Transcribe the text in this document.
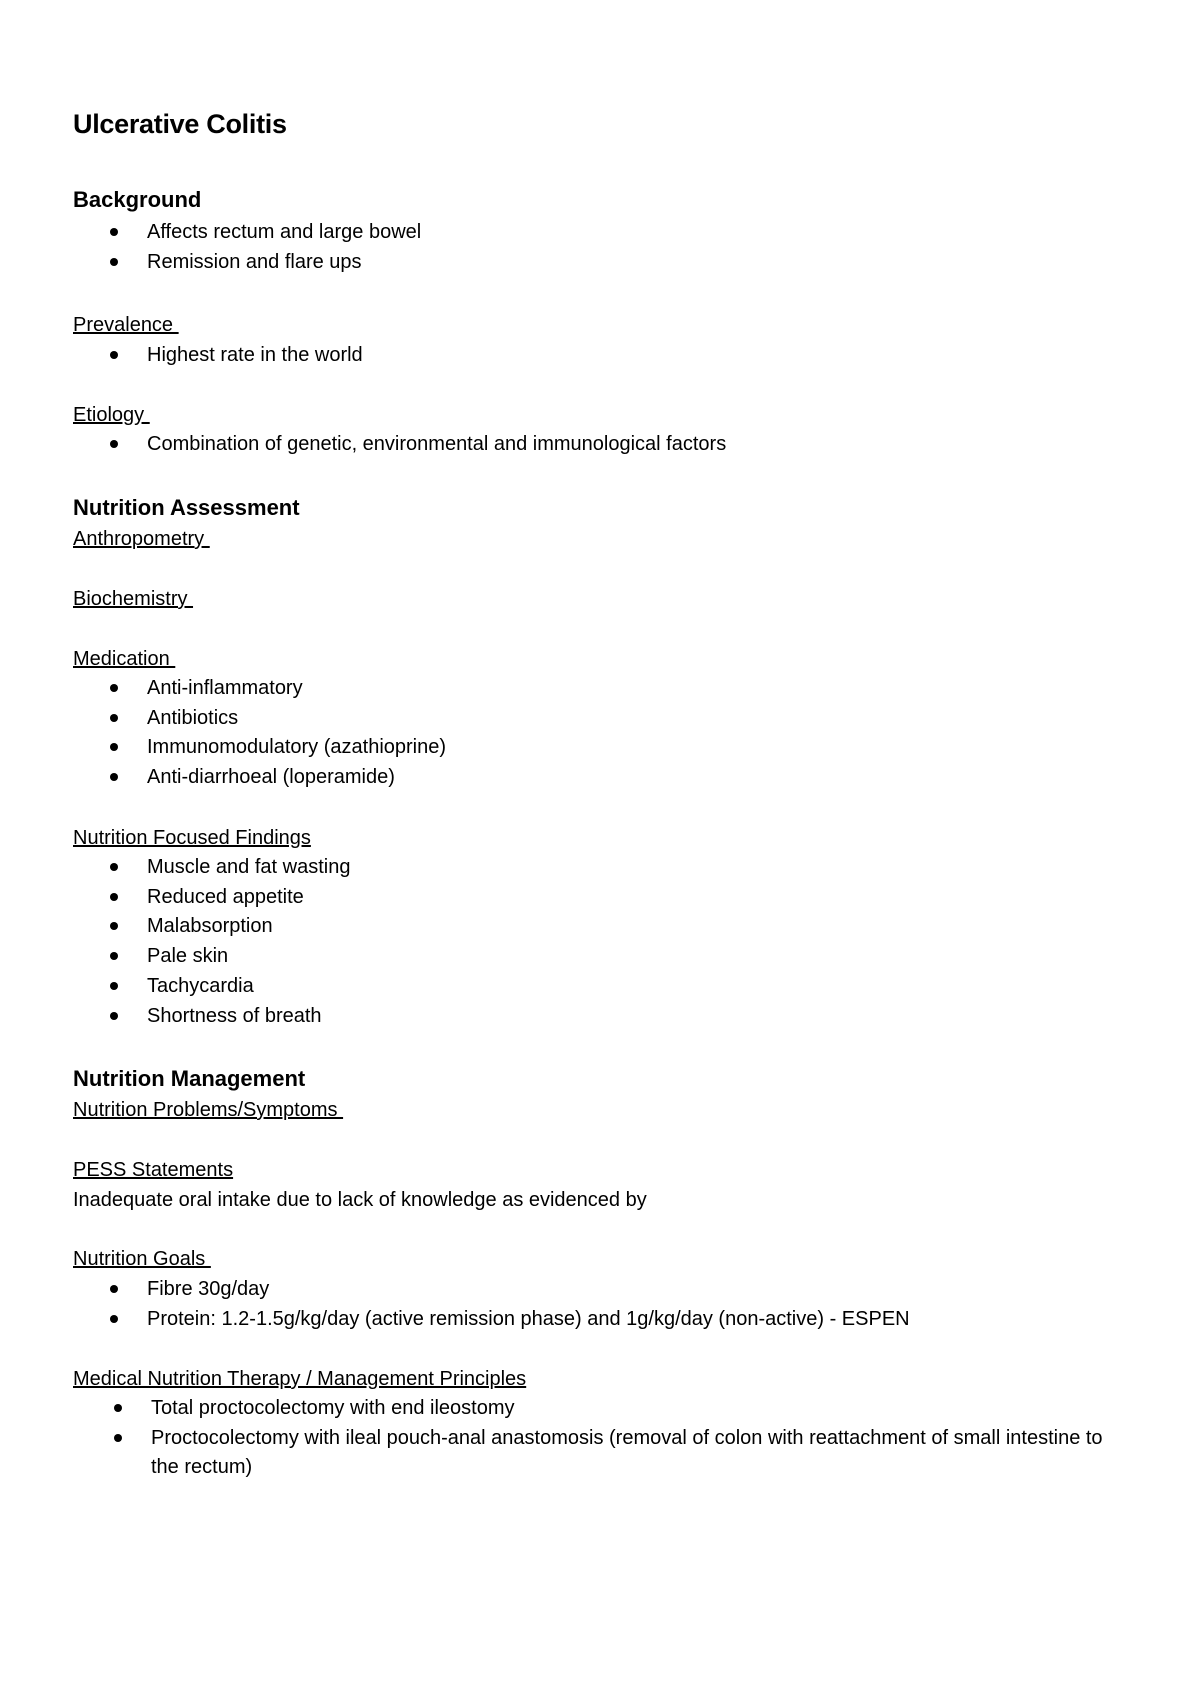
Ulcerative Colitis
Background
Affects rectum and large bowel
Remission and flare ups
Prevalence
Highest rate in the world
Etiology
Combination of genetic, environmental and immunological factors
Nutrition Assessment
Anthropometry
Biochemistry
Medication
Anti-inflammatory
Antibiotics
Immunomodulatory (azathioprine)
Anti-diarrhoeal (loperamide)
Nutrition Focused Findings
Muscle and fat wasting
Reduced appetite
Malabsorption
Pale skin
Tachycardia
Shortness of breath
Nutrition Management
Nutrition Problems/Symptoms
PESS Statements
Inadequate oral intake due to lack of knowledge as evidenced by
Nutrition Goals
Fibre 30g/day
Protein: 1.2-1.5g/kg/day (active remission phase) and 1g/kg/day (non-active) - ESPEN
Medical Nutrition Therapy / Management Principles
Total proctocolectomy with end ileostomy
Proctocolectomy with ileal pouch-anal anastomosis (removal of colon with reattachment of small intestine to the rectum)
